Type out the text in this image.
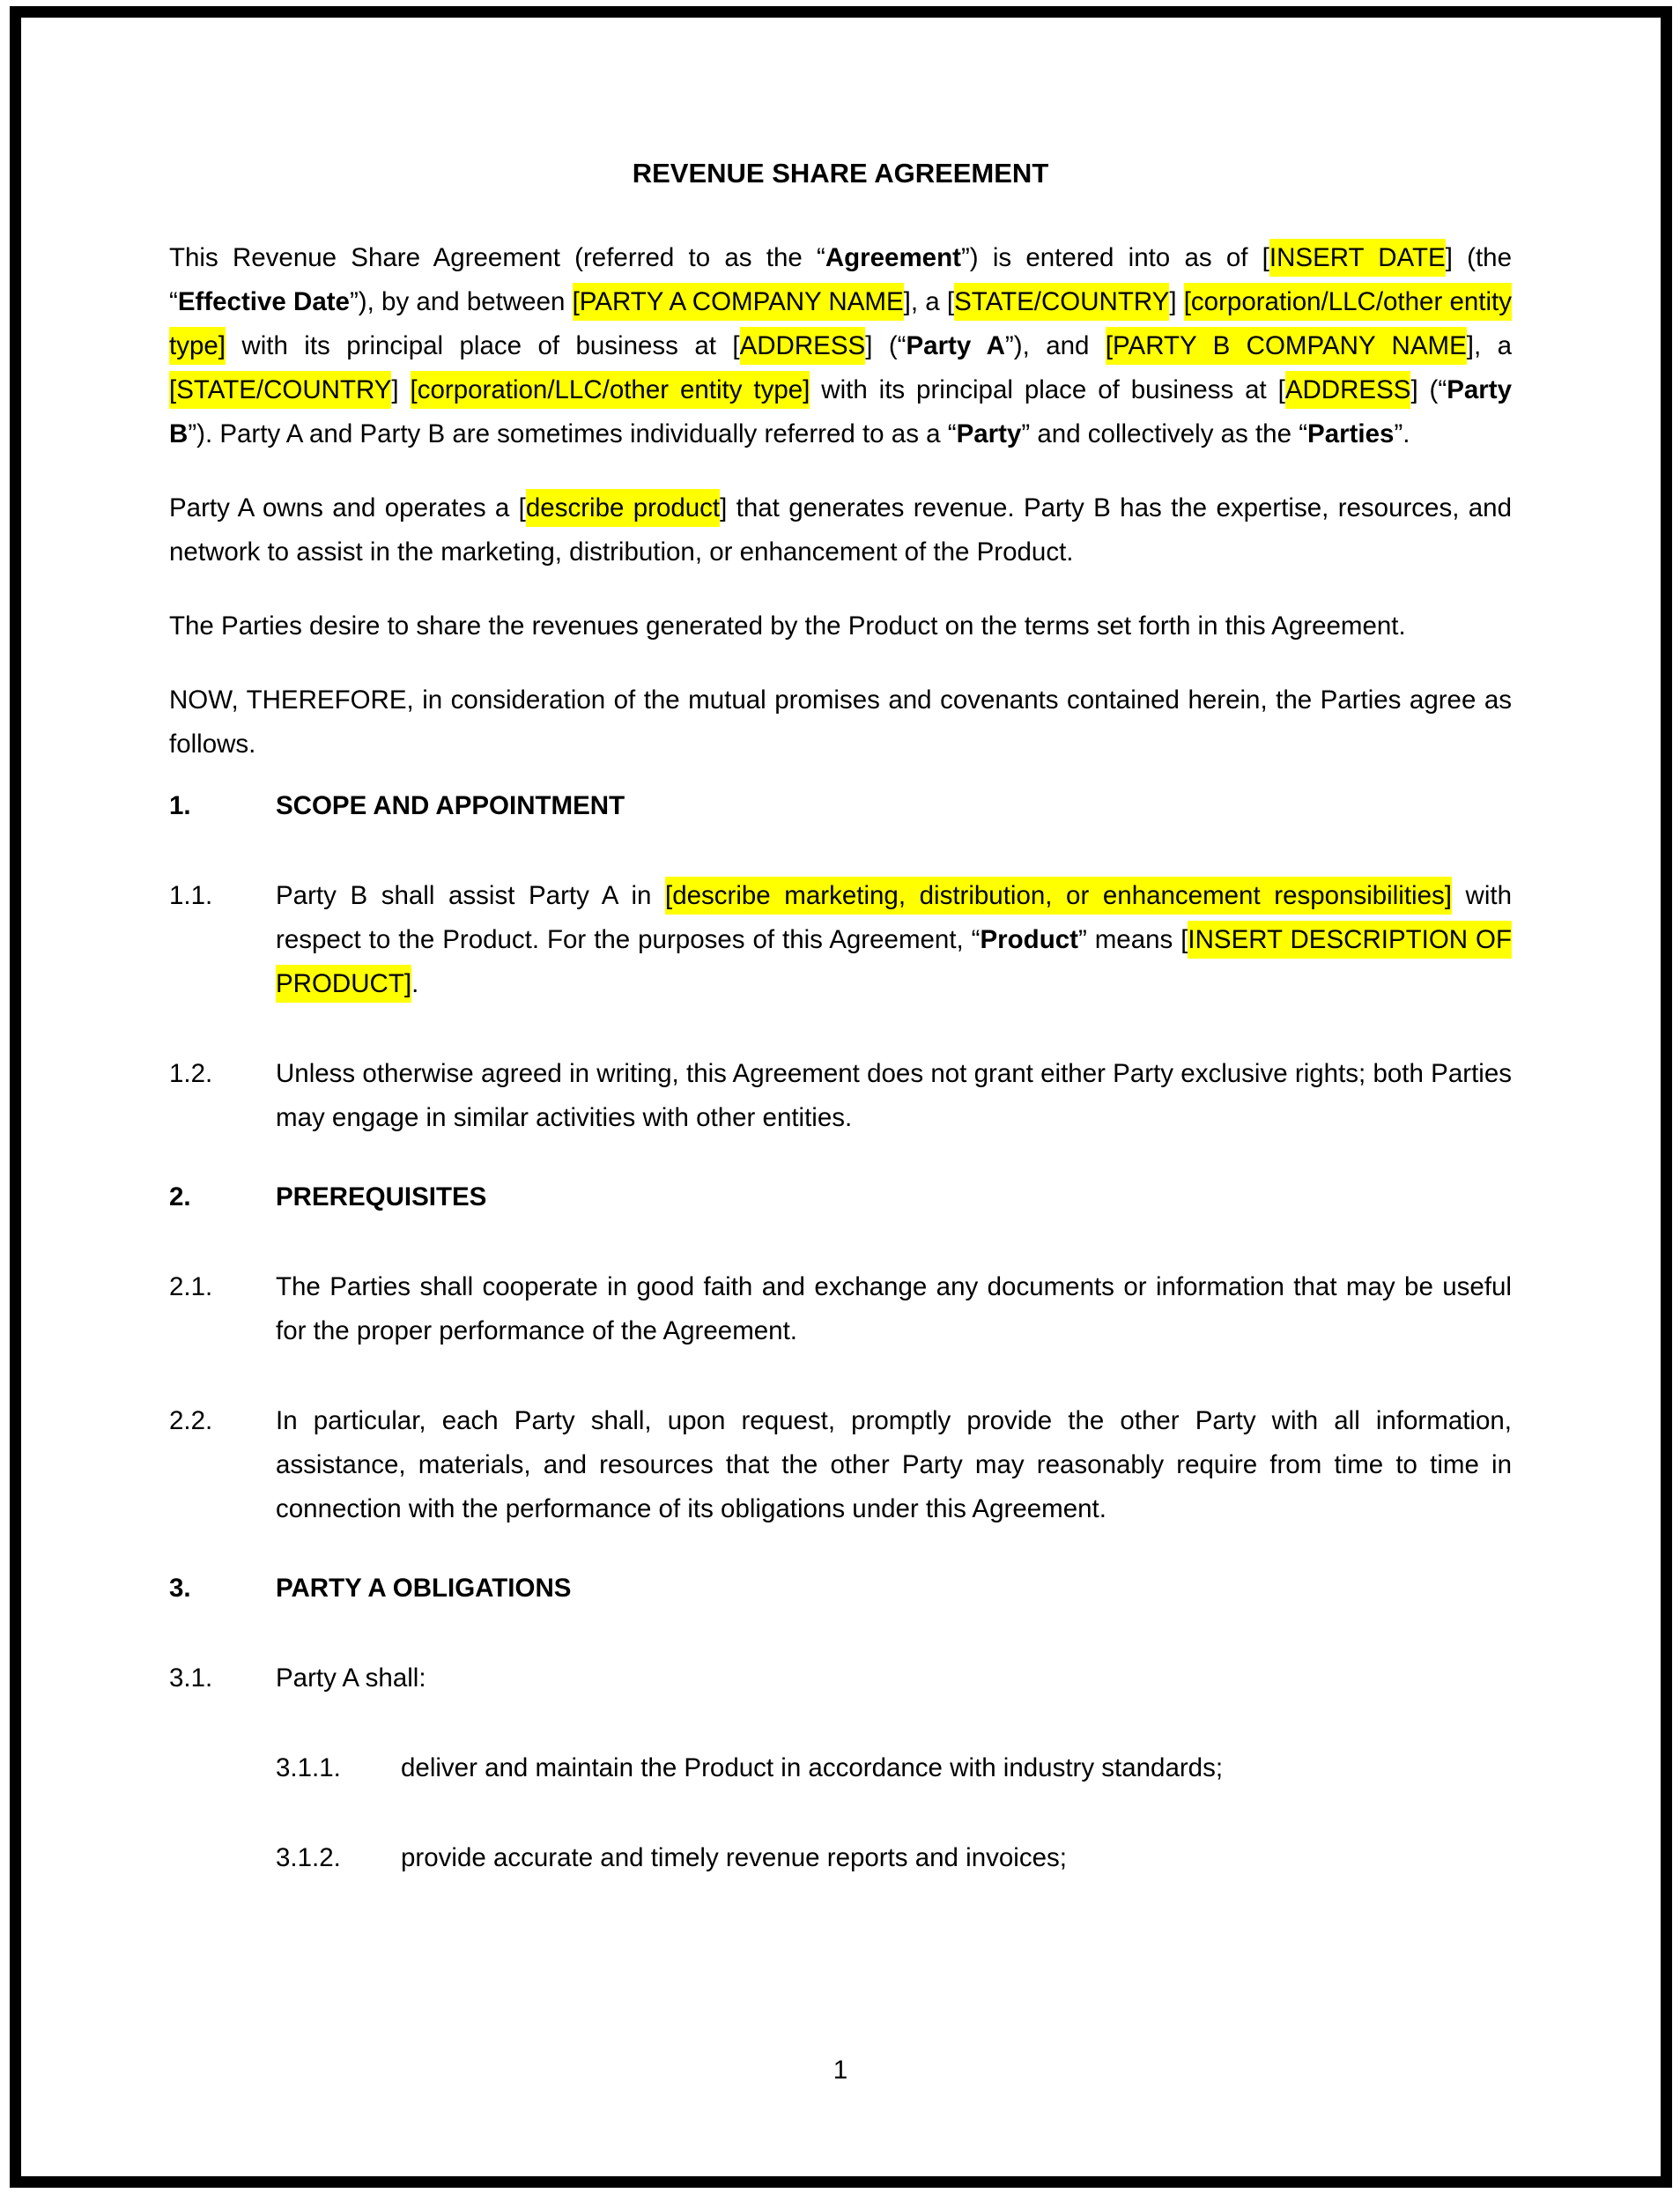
REVENUE SHARE AGREEMENT
This Revenue Share Agreement (referred to as the “Agreement”) is entered into as of [INSERT DATE] (the “Effective Date”), by and between [PARTY A COMPANY NAME], a [STATE/COUNTRY] [corporation/LLC/other entity type] with its principal place of business at [ADDRESS] (“Party A”), and [PARTY B COMPANY NAME], a [STATE/COUNTRY] [corporation/LLC/other entity type] with its principal place of business at [ADDRESS] (“Party B”). Party A and Party B are sometimes individually referred to as a “Party” and collectively as the “Parties”.
Party A owns and operates a [describe product] that generates revenue. Party B has the expertise, resources, and network to assist in the marketing, distribution, or enhancement of the Product.
The Parties desire to share the revenues generated by the Product on the terms set forth in this Agreement.
NOW, THEREFORE, in consideration of the mutual promises and covenants contained herein, the Parties agree as follows.
1.	SCOPE AND APPOINTMENT
1.1. Party B shall assist Party A in [describe marketing, distribution, or enhancement responsibilities] with respect to the Product. For the purposes of this Agreement, “Product” means [INSERT DESCRIPTION OF PRODUCT].
1.2. Unless otherwise agreed in writing, this Agreement does not grant either Party exclusive rights; both Parties may engage in similar activities with other entities.
2.	PREREQUISITES
2.1. The Parties shall cooperate in good faith and exchange any documents or information that may be useful for the proper performance of the Agreement.
2.2. In particular, each Party shall, upon request, promptly provide the other Party with all information, assistance, materials, and resources that the other Party may reasonably require from time to time in connection with the performance of its obligations under this Agreement.
3.	PARTY A OBLIGATIONS
3.1. Party A shall:
3.1.1. deliver and maintain the Product in accordance with industry standards;
3.1.2. provide accurate and timely revenue reports and invoices;
1
